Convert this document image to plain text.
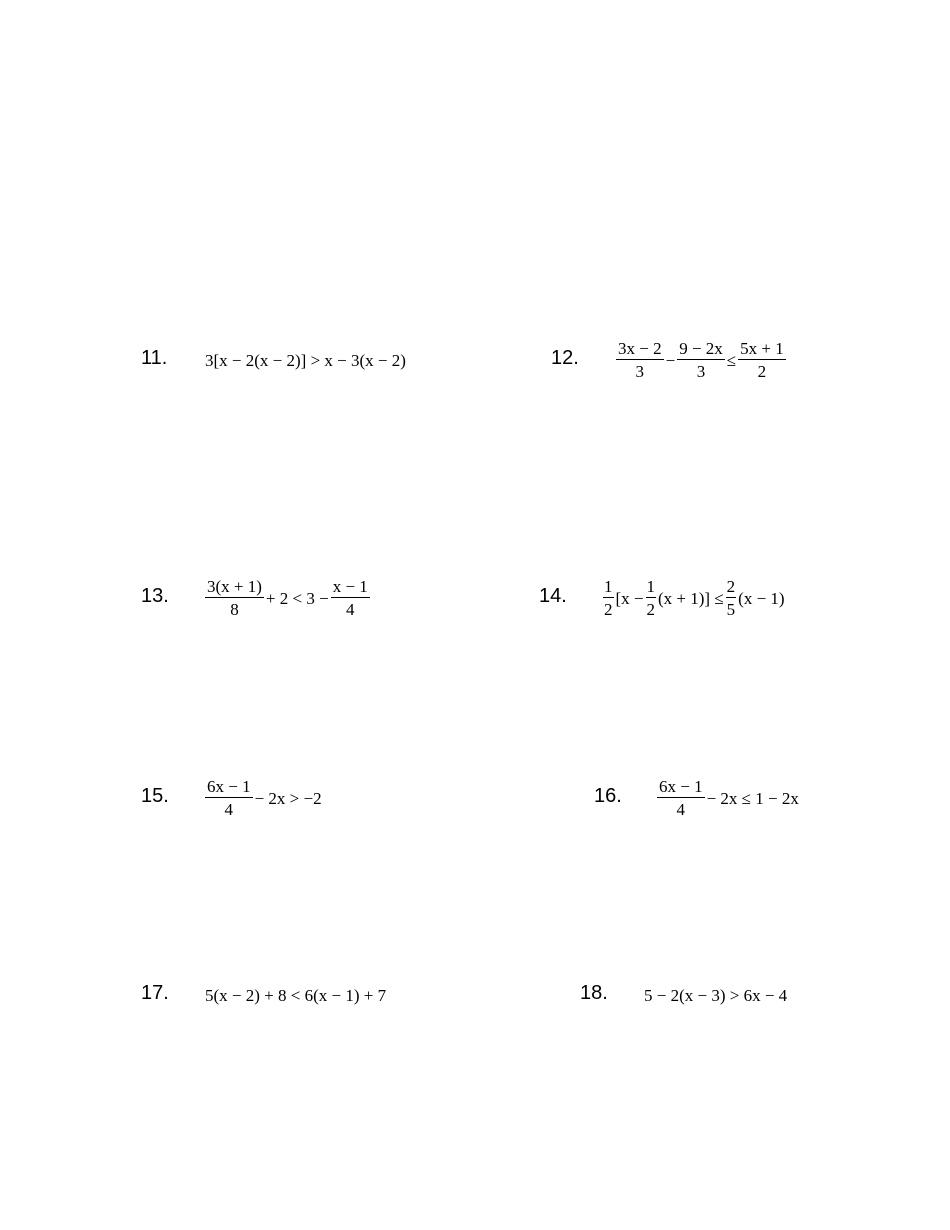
11. 3[x − 2(x − 2)] > x − 3(x − 2)	12. $\frac{3x - 2}{3} - \frac{9 - 2x}{3} \le \frac{5x + 1}{2}$
13. $\frac{3(x + 1)}{8} + 2 < 3 - \frac{x - 1}{4}$	14. $\frac{1}{2} [x - \frac{1}{2} (x + 1)] \le \frac{2}{5} (x - 1)$
15. $\frac{6x - 1}{4} - 2x > -2$	16. $\frac{6x - 1}{4} - 2x \le 1 - 2x$
17. 5(x − 2) + 8 < 6(x − 1) + 7	18. 5 − 2(x − 3) > 6x − 4
